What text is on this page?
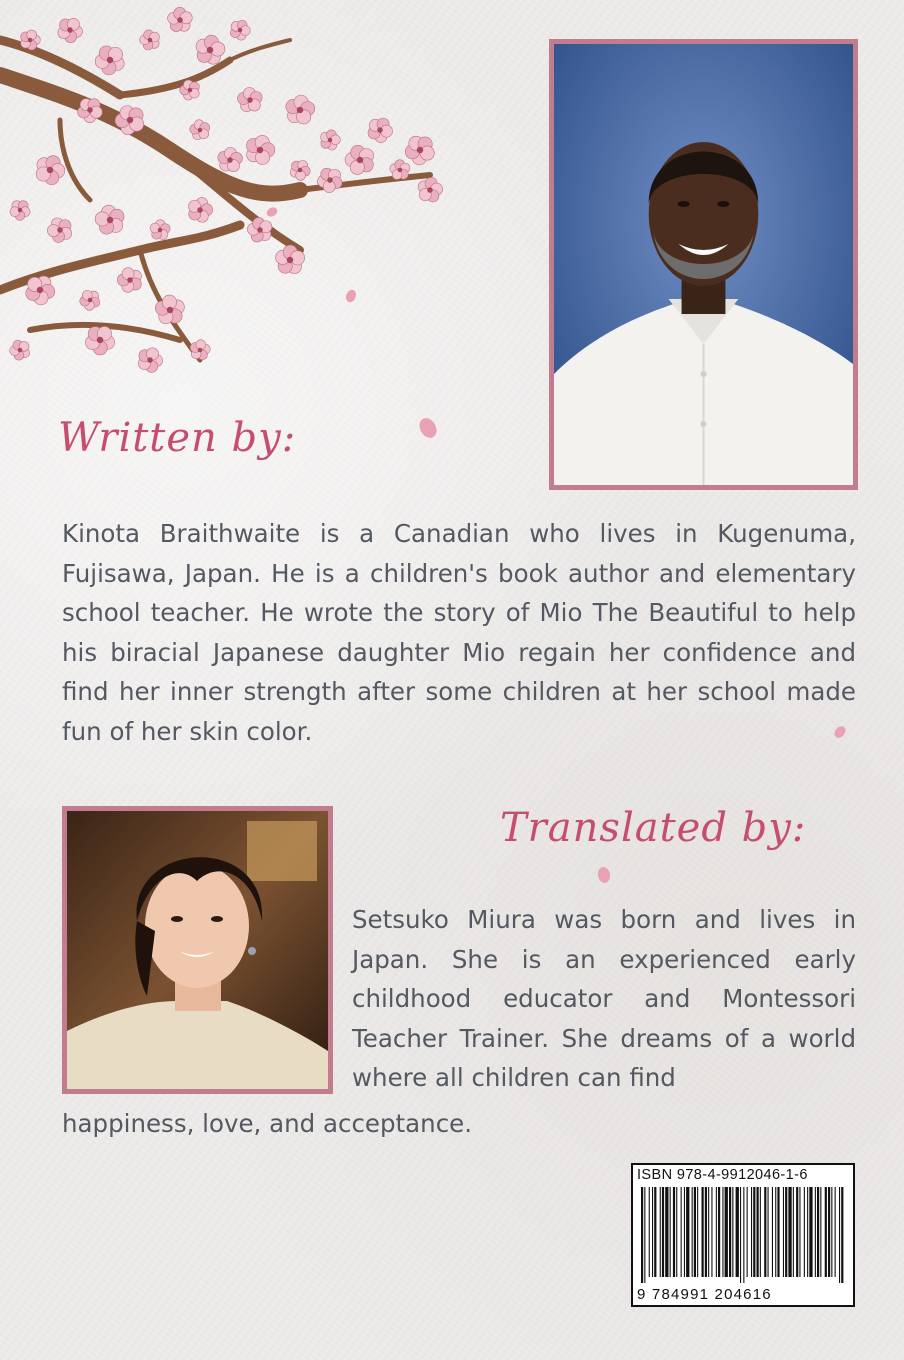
Written by:

Kinota Braithwaite is a Canadian who lives in Kugenuma, Fujisawa, Japan. He is a children's book author and elementary school teacher. He wrote the story of Mio The Beautiful to help his biracial Japanese daughter Mio regain her confidence and find her inner strength after some children at her school made fun of her skin color.

Translated by:

Setsuko Miura was born and lives in Japan. She is an experienced early childhood educator and Montessori Teacher Trainer. She dreams of a world where all children can find

happiness, love, and acceptance.

ISBN 978-4-9912046-1-6
9 784991 204616
